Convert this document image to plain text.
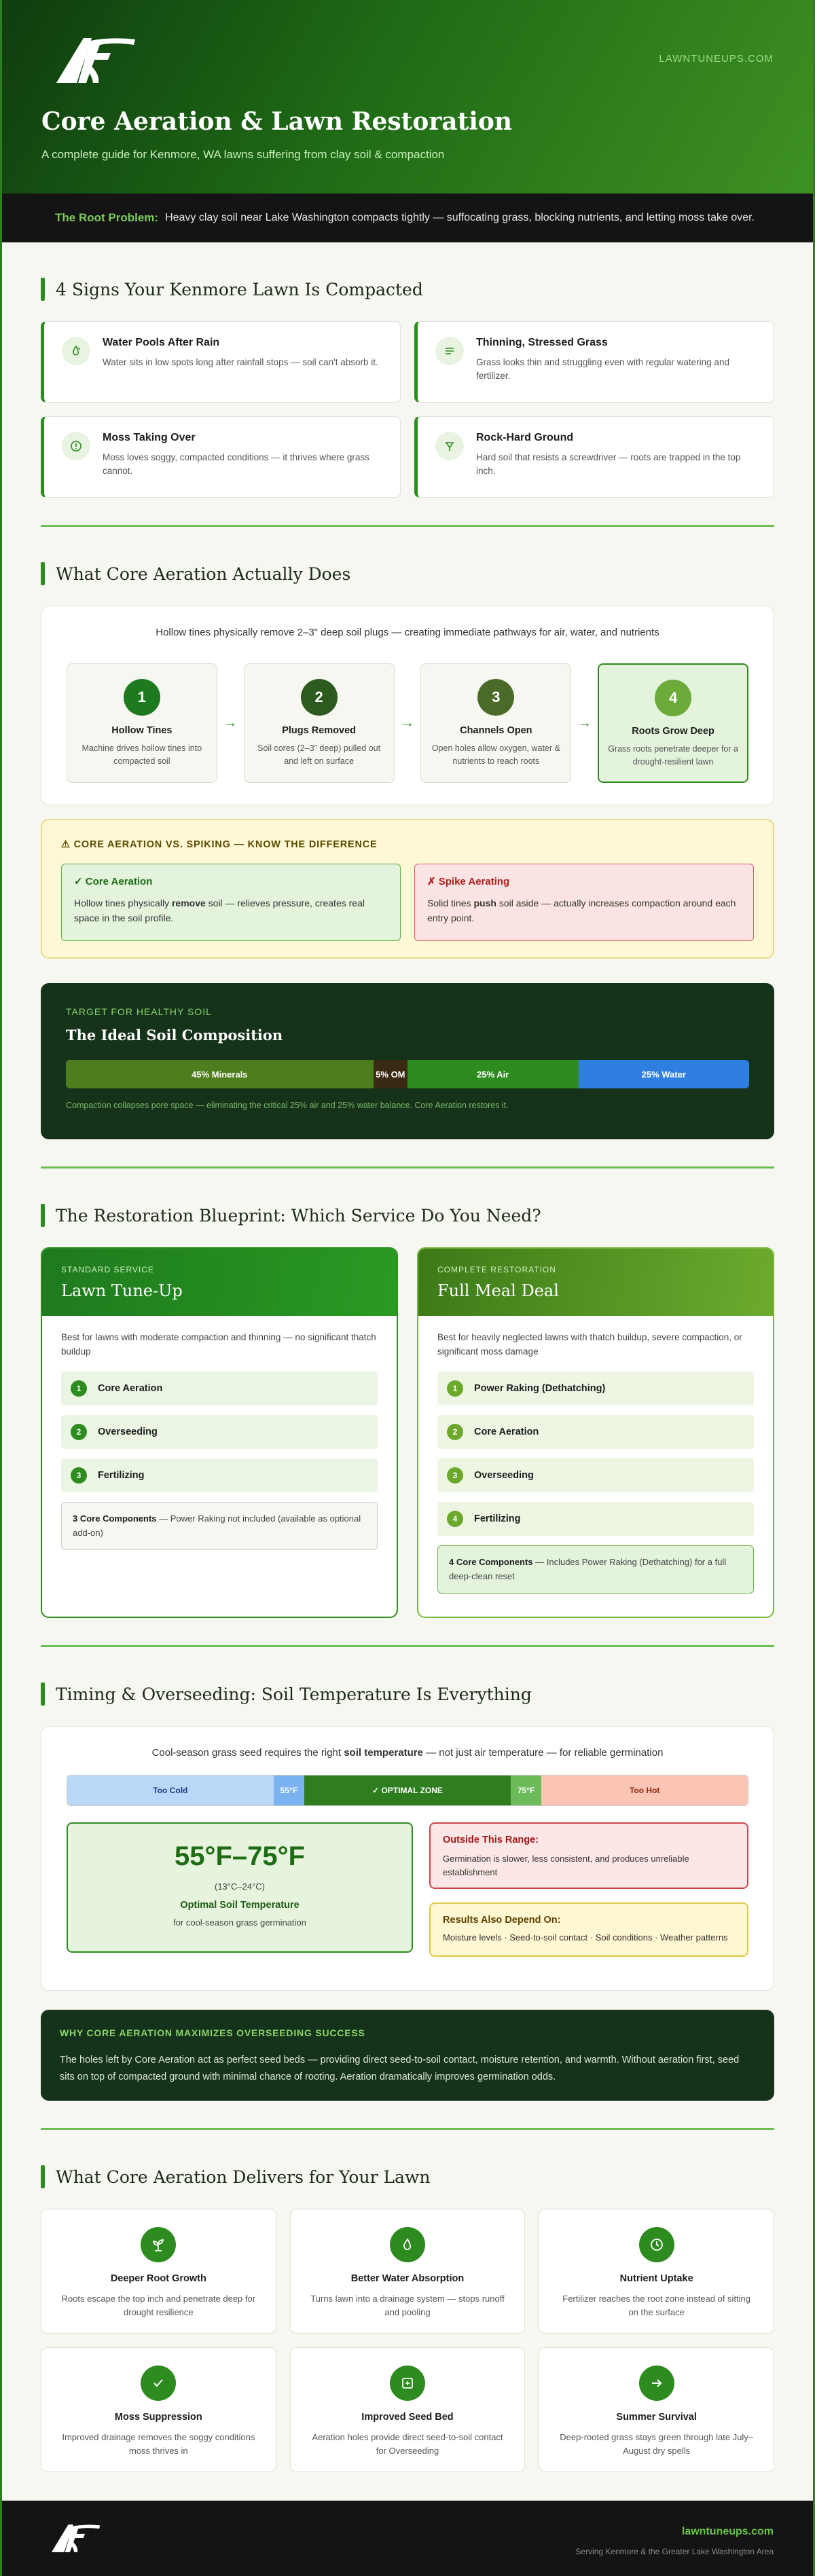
LAWNTUNEUPS.COM
Core Aeration & Lawn Restoration
A complete guide for Kenmore, WA lawns suffering from clay soil & compaction
The Root Problem: Heavy clay soil near Lake Washington compacts tightly — suffocating grass, blocking nutrients, and letting moss take over.
4 Signs Your Kenmore Lawn Is Compacted
Water Pools After Rain

Water sits in low spots long after rainfall stops — soil can't absorb it.

Thinning, Stressed Grass

Grass looks thin and struggling even with regular watering and fertilizer.

Moss Taking Over

Moss loves soggy, compacted conditions — it thrives where grass cannot.

Rock-Hard Ground

Hard soil that resists a screwdriver — roots are trapped in the top inch.

What Core Aeration Actually Does
Hollow tines physically remove 2–3" deep soil plugs — creating immediate pathways for air, water, and nutrients
1
Hollow Tines

Machine drives hollow tines into compacted soil

→
2
Plugs Removed

Soil cores (2–3" deep) pulled out and left on surface

→
3
Channels Open

Open holes allow oxygen, water & nutrients to reach roots

→
4
Roots Grow Deep

Grass roots penetrate deeper for a drought-resilient lawn

⚠ CORE AERATION VS. SPIKING — KNOW THE DIFFERENCE
✓ Core Aeration

Hollow tines physically remove soil — relieves pressure, creates real space in the soil profile.

✗ Spike Aerating

Solid tines push soil aside — actually increases compaction around each entry point.

TARGET FOR HEALTHY SOIL
The Ideal Soil Composition
45% Minerals	5% OM	25% Air	25% Water
Compaction collapses pore space — eliminating the critical 25% air and 25% water balance. Core Aeration restores it.
The Restoration Blueprint: Which Service Do You Need?
STANDARD SERVICE
Lawn Tune-Up
Best for lawns with moderate compaction and thinning — no significant thatch buildup
1	Core Aeration
2	Overseeding
3	Fertilizing
3 Core Components — Power Raking not included (available as optional add-on)
COMPLETE RESTORATION
Full Meal Deal
Best for heavily neglected lawns with thatch buildup, severe compaction, or significant moss damage
1	Power Raking (Dethatching)
2	Core Aeration
3	Overseeding
4	Fertilizing
4 Core Components — Includes Power Raking (Dethatching) for a full deep-clean reset
Timing & Overseeding: Soil Temperature Is Everything
Cool-season grass seed requires the right soil temperature — not just air temperature — for reliable germination
Too Cold	55°F	✓ OPTIMAL ZONE	75°F	Too Hot
55°F–75°F
(13°C–24°C)
Optimal Soil Temperature

for cool-season grass germination

Outside This Range:

Germination is slower, less consistent, and produces unreliable establishment

Results Also Depend On:

Moisture levels · Seed-to-soil contact · Soil conditions · Weather patterns

WHY CORE AERATION MAXIMIZES OVERSEEDING SUCCESS

The holes left by Core Aeration act as perfect seed beds — providing direct seed-to-soil contact, moisture retention, and warmth. Without aeration first, seed sits on top of compacted ground with minimal chance of rooting. Aeration dramatically improves germination odds.

What Core Aeration Delivers for Your Lawn
Deeper Root Growth

Roots escape the top inch and penetrate deep for drought resilience

Better Water Absorption

Turns lawn into a drainage system — stops runoff and pooling

Nutrient Uptake

Fertilizer reaches the root zone instead of sitting on the surface

Moss Suppression

Improved drainage removes the soggy conditions moss thrives in

Improved Seed Bed

Aeration holes provide direct seed-to-soil contact for Overseeding

Summer Survival

Deep-rooted grass stays green through late July–August dry spells

lawntuneups.com
Serving Kenmore & the Greater Lake Washington Area
